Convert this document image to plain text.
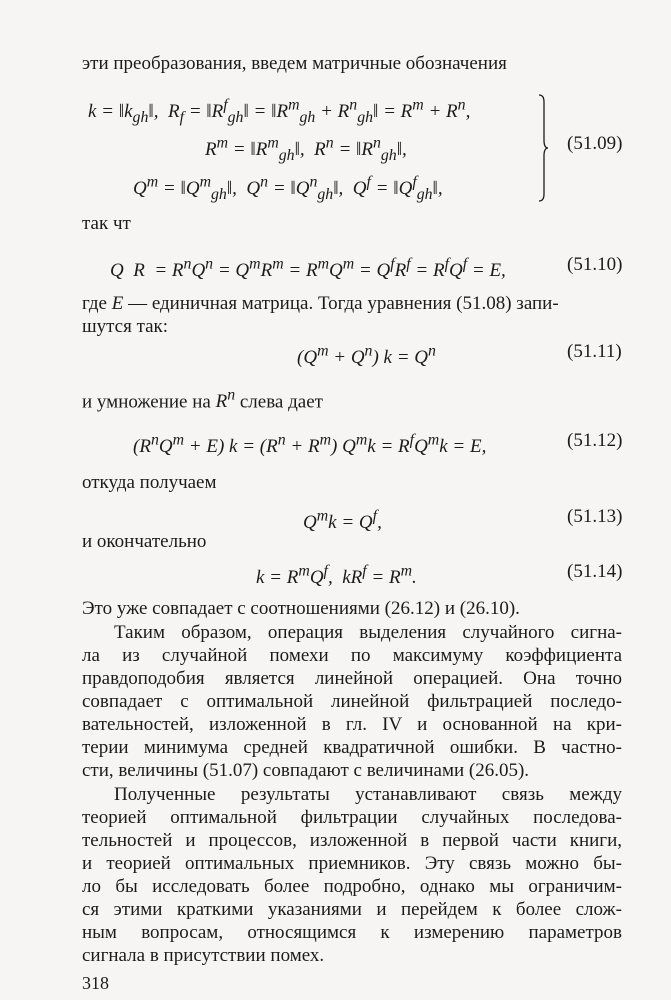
эти преобразования, введем матричные обозначения
$k = ‖k_{gh}‖$,  $R_f$ = $‖R^f_{gh}‖$ = $‖R^m_{gh}$ + $R^n_{gh}‖ = R^m + R^n$,
$R^m$ = $‖R^m_{gh}‖$,  $R^n$ = $‖R^n_{gh}‖$,
$Q^m$ = $‖Q^m_{gh}‖$,  $Q^n$ = $‖Q^n_{gh}‖$,  $Q^f$ = $‖Q^f_{gh}‖$,
(51.09)
так чт
Q  $R = R^nQ^n = Q^mR^m = R^mQ^m = Q^fR^f = R^fQ^f = E$,	(51.10)
где E — единичная матрица. Тогда уравнения (51.08) запи-
шутся так:
$(Q^m + Q^n) k = Q^n$	(51.11)
и умножение на $R^n$ слева дает
$(R^nQ^m + E) k = (R^n + R^m) Q^mk = R^fQ^mk = E$,	(51.12)
откуда получаем
$Q^mk = Q^f$,	(51.13)
и окончательно
$k = R^mQ^f$,  $kR^f = R^m$.	(51.14)
Это уже совпадает с соотношениями (26.12) и (26.10).
Таким образом, операция выделения случайного сигна-
ла из случайной помехи по максимуму коэффициента
правдоподобия является линейной операцией. Она точно
совпадает с оптимальной линейной фильтрацией последо-
вательностей, изложенной в гл. IV и основанной на кри-
терии минимума средней квадратичной ошибки. В частно-
сти, величины (51.07) совпадают с величинами (26.05).
Полученные результаты устанавливают связь между
теорией оптимальной фильтрации случайных последова-
тельностей и процессов, изложенной в первой части книги,
и теорией оптимальных приемников. Эту связь можно бы-
ло бы исследовать более подробно, однако мы ограничим-
ся этими краткими указаниями и перейдем к более слож-
ным вопросам, относящимся к измерению параметров
сигнала в присутствии помех.
318
